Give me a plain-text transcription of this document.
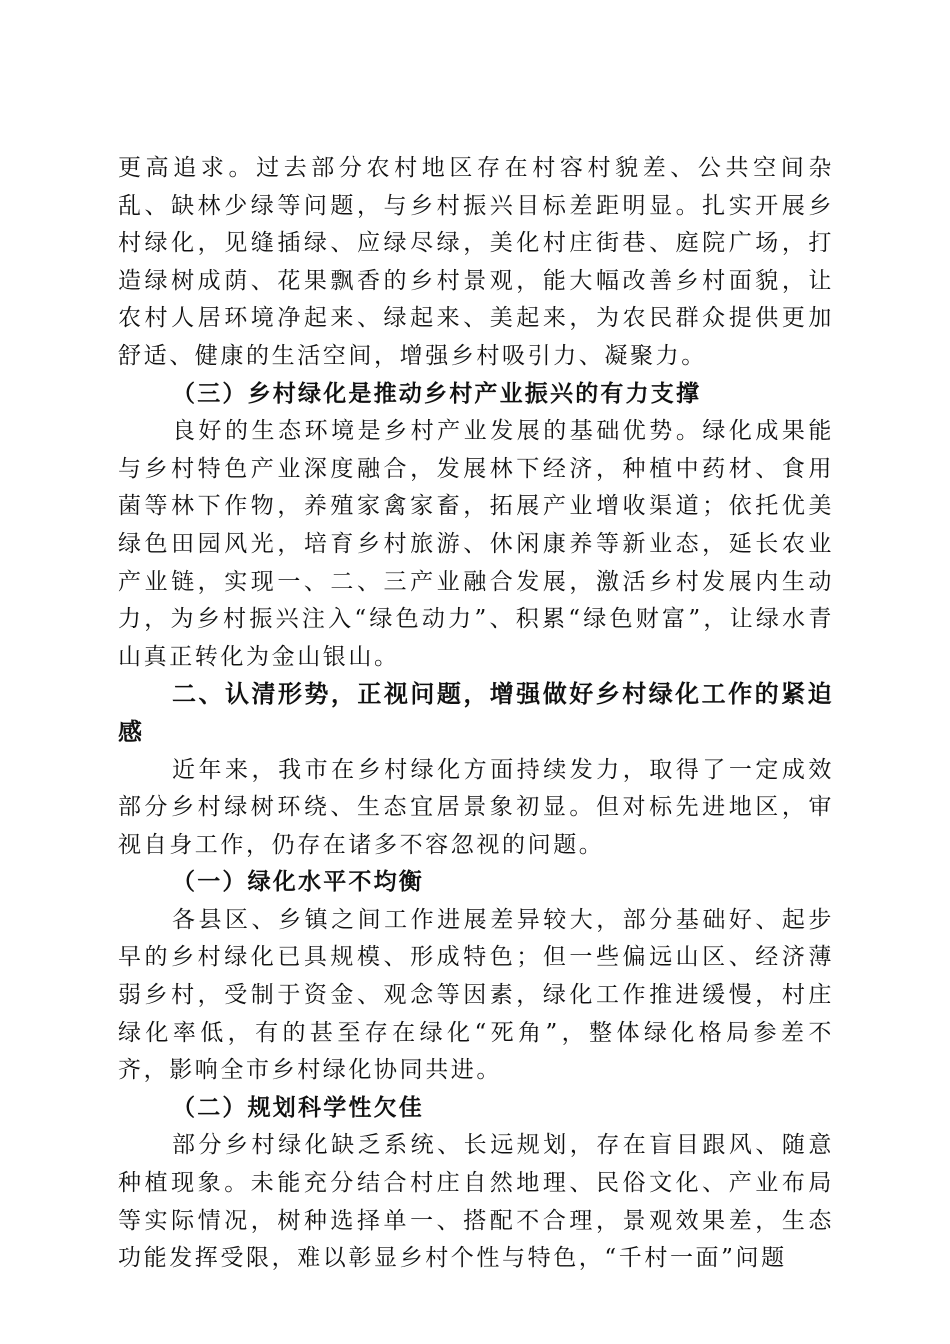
更高追求。过去部分农村地区存在村容村貌差、公共空间杂乱、缺林少绿等问题，与乡村振兴目标差距明显。扎实开展乡村绿化，见缝插绿、应绿尽绿，美化村庄街巷、庭院广场，打造绿树成荫、花果飘香的乡村景观，能大幅改善乡村面貌，让农村人居环境净起来、绿起来、美起来，为农民群众提供更加舒适、健康的生活空间，增强乡村吸引力、凝聚力。

（三）乡村绿化是推动乡村产业振兴的有力支撑

良好的生态环境是乡村产业发展的基础优势。绿化成果能与乡村特色产业深度融合，发展林下经济，种植中药材、食用菌等林下作物，养殖家禽家畜，拓展产业增收渠道；依托优美绿色田园风光，培育乡村旅游、休闲康养等新业态，延长农业产业链，实现一、二、三产业融合发展，激活乡村发展内生动力，为乡村振兴注入“绿色动力”、积累“绿色财富”，让绿水青山真正转化为金山银山。

二、认清形势，正视问题，增强做好乡村绿化工作的紧迫感

近年来，我市在乡村绿化方面持续发力，取得了一定成效部分乡村绿树环绕、生态宜居景象初显。但对标先进地区，审视自身工作，仍存在诸多不容忽视的问题。

（一）绿化水平不均衡

各县区、乡镇之间工作进展差异较大，部分基础好、起步早的乡村绿化已具规模、形成特色；但一些偏远山区、经济薄弱乡村，受制于资金、观念等因素，绿化工作推进缓慢，村庄绿化率低，有的甚至存在绿化“死角”，整体绿化格局参差不齐，影响全市乡村绿化协同共进。

（二）规划科学性欠佳

部分乡村绿化缺乏系统、长远规划，存在盲目跟风、随意种植现象。未能充分结合村庄自然地理、民俗文化、产业布局等实际情况，树种选择单一、搭配不合理，景观效果差，生态功能发挥受限，难以彰显乡村个性与特色，“千村一面”问题
